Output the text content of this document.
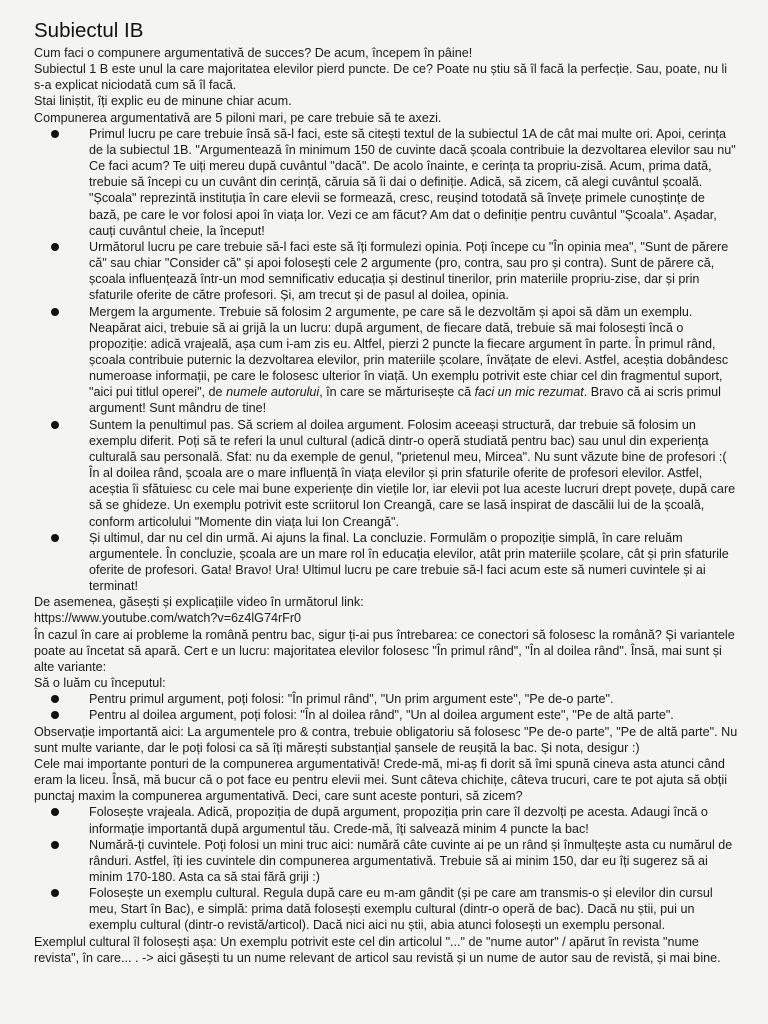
Subiectul IB

Cum faci o compunere argumentativă de succes? De acum, începem în pâine!

Subiectul 1 B este unul la care majoritatea elevilor pierd puncte. De ce? Poate nu știu să îl facă la perfecție. Sau, poate, nu li s-a explicat niciodată cum să îl facă.

Stai liniștit, îți explic eu de minune chiar acum.

Compunerea argumentativă are 5 piloni mari, pe care trebuie să te axezi.

Primul lucru pe care trebuie însă să-l faci, este să citești textul de la subiectul 1A de cât mai multe ori. Apoi, cerința de la subiectul 1B. "Argumentează în minimum 150 de cuvinte dacă școala contribuie la dezvoltarea elevilor sau nu" Ce faci acum? Te uiți mereu după cuvântul "dacă". De acolo înainte, e cerința ta propriu-zisă. Acum, prima dată, trebuie să începi cu un cuvânt din cerință, căruia să îi dai o definiție. Adică, să zicem, că alegi cuvântul școală. "Școala" reprezintă instituția în care elevii se formează, cresc, reușind totodată să învețe primele cunoștințe de bază, pe care le vor folosi apoi în viața lor. Vezi ce am făcut? Am dat o definiție pentru cuvântul "Școala". Așadar, cauți cuvântul cheie, la început!
Următorul lucru pe care trebuie să-l faci este să îți formulezi opinia. Poți începe cu "În opinia mea", "Sunt de părere că" sau chiar "Consider că" și apoi folosești cele 2 argumente (pro, contra, sau pro și contra). Sunt de părere că, școala influențează într-un mod semnificativ educația și destinul tinerilor, prin materiile propriu-zise, dar și prin sfaturile oferite de către profesori. Și, am trecut și de pasul al doilea, opinia.
Mergem la argumente. Trebuie să folosim 2 argumente, pe care să le dezvoltăm și apoi să dăm un exemplu. Neapărat aici, trebuie să ai grijă la un lucru: după argument, de fiecare dată, trebuie să mai folosești încă o propoziție: adică vrajeală, așa cum i-am zis eu. Altfel, pierzi 2 puncte la fiecare argument în parte. În primul rând, școala contribuie puternic la dezvoltarea elevilor, prin materiile școlare, învățate de elevi. Astfel, aceștia dobândesc numeroase informații, pe care le folosesc ulterior în viață. Un exemplu potrivit este chiar cel din fragmentul suport, "aici pui titlul operei", de numele autorului, în care se mărturisește că faci un mic rezumat. Bravo că ai scris primul argument! Sunt mândru de tine!
Suntem la penultimul pas. Să scriem al doilea argument. Folosim aceeași structură, dar trebuie să folosim un exemplu diferit. Poți să te referi la unul cultural (adică dintr-o operă studiată pentru bac) sau unul din experiența culturală sau personală. Sfat: nu da exemple de genul, "prietenul meu, Mircea". Nu sunt văzute bine de profesori :( În al doilea rând, școala are o mare influență în viața elevilor și prin sfaturile oferite de profesori elevilor. Astfel, aceștia îi sfătuiesc cu cele mai bune experiențe din viețile lor, iar elevii pot lua aceste lucruri drept povețe, după care să se ghideze. Un exemplu potrivit este scriitorul Ion Creangă, care se lasă inspirat de dascălii lui de la școală, conform articolului "Momente din viața lui Ion Creangă".
Și ultimul, dar nu cel din urmă. Ai ajuns la final. La concluzie. Formulăm o propoziție simplă, în care reluăm argumentele. În concluzie, școala are un mare rol în educația elevilor, atât prin materiile școlare, cât și prin sfaturile oferite de profesori. Gata! Bravo! Ura! Ultimul lucru pe care trebuie să-l faci acum este să numeri cuvintele și ai terminat!

De asemenea, găsești și explicațiile video în următorul link:

https://www.youtube.com/watch?v=6z4lG74rFr0

În cazul în care ai probleme la română pentru bac, sigur ți-ai pus întrebarea: ce conectori să folosesc la română? Și variantele poate au încetat să apară. Cert e un lucru: majoritatea elevilor folosesc "În primul rând", "În al doilea rând". Însă, mai sunt și alte variante:

Să o luăm cu începutul:

Pentru primul argument, poți folosi: "În primul rând", "Un prim argument este", "Pe de-o parte".
Pentru al doilea argument, poți folosi: "În al doilea rând", "Un al doilea argument este", "Pe de altă parte".

Observație importantă aici: La argumentele pro & contra, trebuie obligatoriu să folosesc "Pe de-o parte", "Pe de altă parte". Nu sunt multe variante, dar le poți folosi ca să îți mărești substanțial șansele de reușită la bac. Și nota, desigur :)

Cele mai importante ponturi de la compunerea argumentativă! Crede-mă, mi-aș fi dorit să îmi spună cineva asta atunci când eram la liceu. Însă, mă bucur că o pot face eu pentru elevii mei. Sunt câteva chichițe, câteva trucuri, care te pot ajuta să obții punctaj maxim la compunerea argumentativă. Deci, care sunt aceste ponturi, să zicem?

Folosește vrajeala. Adică, propoziția de după argument, propoziția prin care îl dezvolți pe acesta. Adaugi încă o informație importantă după argumentul tău. Crede-mă, îți salvează minim 4 puncte la bac!
Numără-ți cuvintele. Poți folosi un mini truc aici: numără câte cuvinte ai pe un rând și înmulțește asta cu numărul de rânduri. Astfel, îți ies cuvintele din compunerea argumentativă. Trebuie să ai minim 150, dar eu îți sugerez să ai minim 170-180. Asta ca să stai fără griji :)
Folosește un exemplu cultural. Regula după care eu m-am gândit (și pe care am transmis-o și elevilor din cursul meu, Start în Bac), e simplă: prima dată folosești exemplu cultural (dintr-o operă de bac). Dacă nu știi, pui un exemplu cultural (dintr-o revistă/articol). Dacă nici aici nu știi, abia atunci folosești un exemplu personal.

Exemplul cultural îl folosești așa: Un exemplu potrivit este cel din articolul "..." de "nume autor" / apărut în revista "nume revista", în care... . -> aici găsești tu un nume relevant de articol sau revistă și un nume de autor sau de revistă, și mai bine.
